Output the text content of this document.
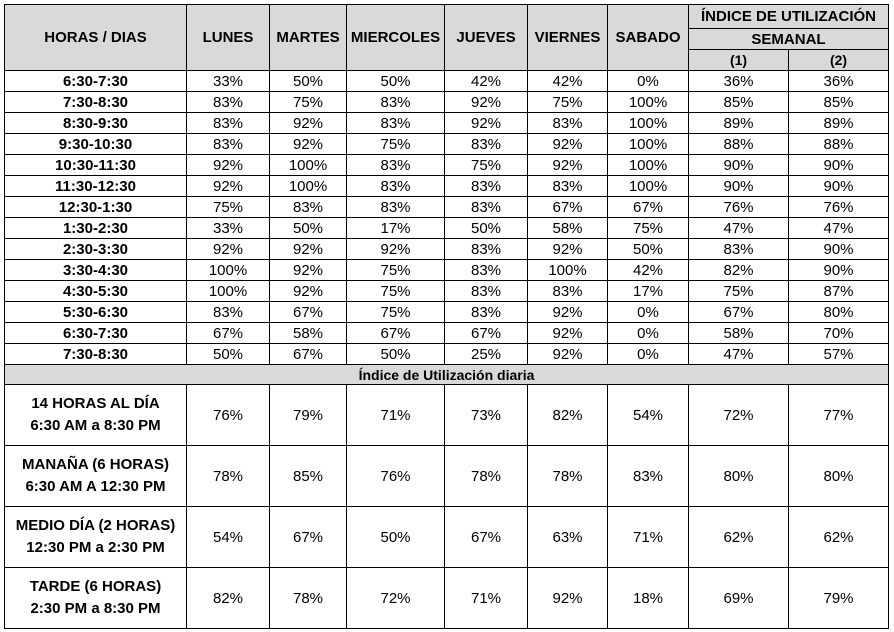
HORAS / DIAS	LUNES	MARTES	MIERCOLES	JUEVES	VIERNES	SABADO	ÍNDICE DE UTILIZACIÓN	
							SEMANAL	
							(1)	(2)
6:30-7:30	33%	50%	50%	42%	42%	0%	36%	36%
7:30-8:30	83%	75%	83%	92%	75%	100%	85%	85%
8:30-9:30	83%	92%	83%	92%	83%	100%	89%	89%
9:30-10:30	83%	92%	75%	83%	92%	100%	88%	88%
10:30-11:30	92%	100%	83%	75%	92%	100%	90%	90%
11:30-12:30	92%	100%	83%	83%	83%	100%	90%	90%
12:30-1:30	75%	83%	83%	83%	67%	67%	76%	76%
1:30-2:30	33%	50%	17%	50%	58%	75%	47%	47%
2:30-3:30	92%	92%	92%	83%	92%	50%	83%	90%
3:30-4:30	100%	92%	75%	83%	100%	42%	82%	90%
4:30-5:30	100%	92%	75%	83%	83%	17%	75%	87%
5:30-6:30	83%	67%	75%	83%	92%	0%	67%	80%
6:30-7:30	67%	58%	67%	67%	92%	0%	58%	70%
7:30-8:30	50%	67%	50%	25%	92%	0%	47%	57%
Índice de Utilización diaria								

14 HORAS AL DÍA
6:30 AM a 8:30 PM	76%	79%	71%	73%	82%	54%	72%	77%

MANAÑA (6 HORAS)
6:30 AM A 12:30 PM	78%	85%	76%	78%	78%	83%	80%	80%

MEDIO DÍA (2 HORAS)
12:30 PM a 2:30 PM	54%	67%	50%	67%	63%	71%	62%	62%

TARDE (6 HORAS)
2:30 PM a 8:30 PM	82%	78%	72%	71%	92%	18%	69%	79%
